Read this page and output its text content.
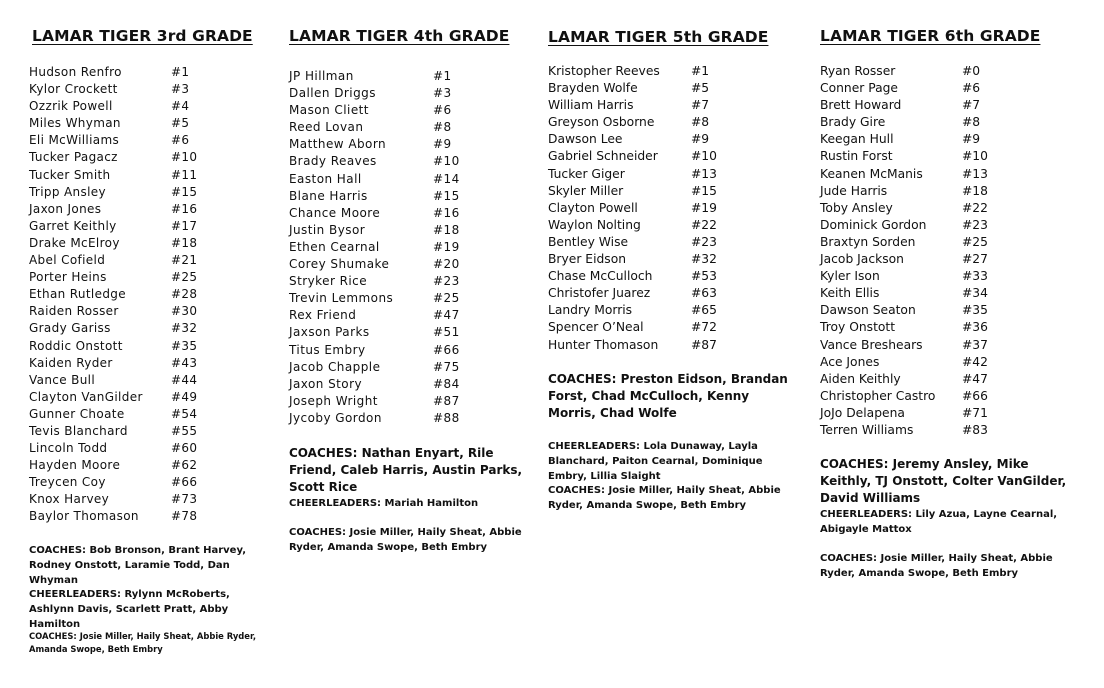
LAMAR TIGER 3rd GRADE
Hudson Renfro	#1
Kylor Crockett	#3
Ozzrik Powell	#4
Miles Whyman	#5
Eli McWilliams	#6
Tucker Pagacz	#10
Tucker Smith	#11
Tripp Ansley	#15
Jaxon Jones	#16
Garret Keithly	#17
Drake McElroy	#18
Abel Cofield	#21
Porter Heins	#25
Ethan Rutledge	#28
Raiden Rosser	#30
Grady Gariss	#32
Roddic Onstott	#35
Kaiden Ryder	#43
Vance Bull	#44
Clayton VanGilder #49
Gunner Choate	#54
Tevis Blanchard	#55
Lincoln Todd	#60
Hayden Moore	#62
Treycen Coy	#66
Knox Harvey	#73
Baylor Thomason	#78
COACHES: Bob Bronson, Brant Harvey, Rodney Onstott, Laramie Todd, Dan Whyman
CHEERLEADERS: Rylynn McRoberts, Ashlynn Davis, Scarlett Pratt, Abby Hamilton
COACHES: Josie Miller, Haily Sheat, Abbie Ryder, Amanda Swope, Beth Embry
LAMAR TIGER 4th GRADE
JP Hillman	#1
Dallen Driggs	#3
Mason Cliett	#6
Reed Lovan	#8
Matthew Aborn	#9
Brady Reaves	#10
Easton Hall	#14
Blane Harris	#15
Chance Moore	#16
Justin Bysor	#18
Ethen Cearnal	#19
Corey Shumake	#20
Stryker Rice	#23
Trevin Lemmons	#25
Rex Friend	#47
Jaxson Parks	#51
Titus Embry	#66
Jacob Chapple	#75
Jaxon Story	#84
Joseph Wright	#87
Jycoby Gordon	#88
COACHES: Nathan Enyart, Rile Friend, Caleb Harris, Austin Parks, Scott Rice
CHEERLEADERS: Mariah Hamilton
COACHES: Josie Miller, Haily Sheat, Abbie Ryder, Amanda Swope, Beth Embry
LAMAR TIGER 5th GRADE
Kristopher Reeves	#1
Brayden Wolfe	#5
William Harris	#7
Greyson Osborne	#8
Dawson Lee	#9
Gabriel Schneider	#10
Tucker Giger	#13
Skyler Miller	#15
Clayton Powell	#19
Waylon Nolting	#22
Bentley Wise	#23
Bryer Eidson	#32
Chase McCulloch	#53
Christofer Juarez	#63
Landry Morris	#65
Spencer O’Neal	#72
Hunter Thomason	#87
COACHES: Preston Eidson, Brandan Forst, Chad McCulloch, Kenny Morris, Chad Wolfe
CHEERLEADERS: Lola Dunaway, Layla Blanchard, Paiton Cearnal, Dominique Embry, Lillia Slaight
COACHES: Josie Miller, Haily Sheat, Abbie Ryder, Amanda Swope, Beth Embry
LAMAR TIGER 6th GRADE
Ryan Rosser	#0
Conner Page	#6
Brett Howard	#7
Brady Gire	#8
Keegan Hull	#9
Rustin Forst	#10
Keanen McManis	#13
Jude Harris	#18
Toby Ansley	#22
Dominick Gordon	#23
Braxtyn Sorden	#25
Jacob Jackson	#27
Kyler Ison	#33
Keith Ellis	#34
Dawson Seaton	#35
Troy Onstott	#36
Vance Breshears	#37
Ace Jones	#42
Aiden Keithly	#47
Christopher Castro #66
JoJo Delapena	#71
Terren Williams	#83
COACHES: Jeremy Ansley, Mike Keithly, TJ Onstott, Colter VanGilder, David Williams
CHEERLEADERS: Lily Azua, Layne Cearnal, Abigayle Mattox
COACHES: Josie Miller, Haily Sheat, Abbie Ryder, Amanda Swope, Beth Embry
